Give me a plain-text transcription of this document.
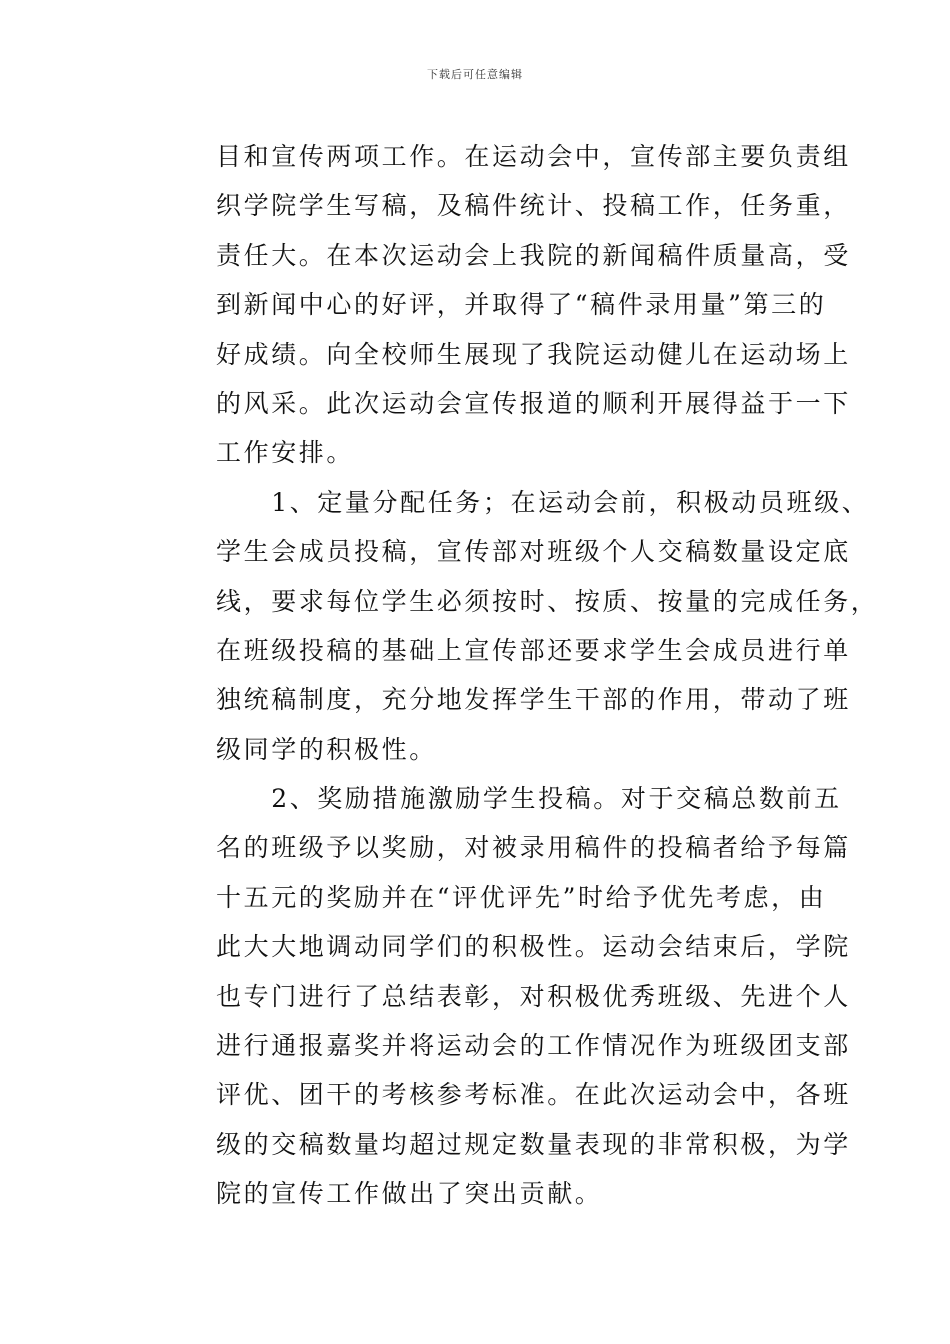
下载后可任意编辑
目和宣传两项工作。在运动会中，宣传部主要负责组
织学院学生写稿，及稿件统计、投稿工作，任务重，
责任大。在本次运动会上我院的新闻稿件质量高，受
到新闻中心的好评，并取得了“稿件录用量”第三的
好成绩。向全校师生展现了我院运动健儿在运动场上
的风采。此次运动会宣传报道的顺利开展得益于一下
工作安排。
　　1、定量分配任务；在运动会前，积极动员班级、
学生会成员投稿，宣传部对班级个人交稿数量设定底
线，要求每位学生必须按时、按质、按量的完成任务，
在班级投稿的基础上宣传部还要求学生会成员进行单
独统稿制度，充分地发挥学生干部的作用，带动了班
级同学的积极性。
　　2、奖励措施激励学生投稿。对于交稿总数前五
名的班级予以奖励，对被录用稿件的投稿者给予每篇
十五元的奖励并在“评优评先”时给予优先考虑，由
此大大地调动同学们的积极性。运动会结束后，学院
也专门进行了总结表彰，对积极优秀班级、先进个人
进行通报嘉奖并将运动会的工作情况作为班级团支部
评优、团干的考核参考标准。在此次运动会中，各班
级的交稿数量均超过规定数量表现的非常积极，为学
院的宣传工作做出了突出贡献。
